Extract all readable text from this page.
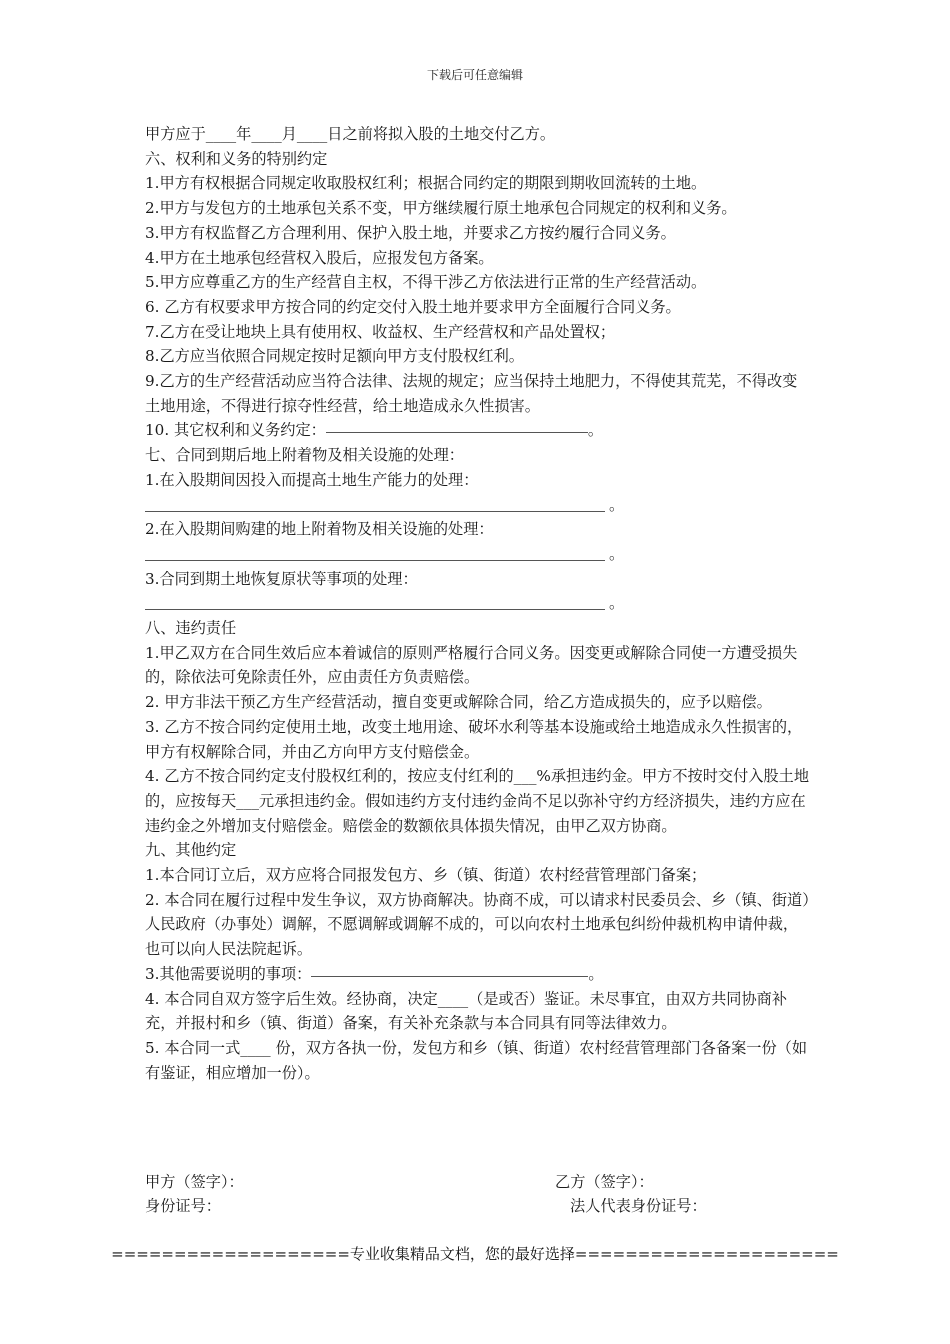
下载后可任意编辑

甲方应于____年____月____日之前将拟入股的土地交付乙方。

六、权利和义务的特别约定

1.甲方有权根据合同规定收取股权红利；根据合同约定的期限到期收回流转的土地。

2.甲方与发包方的土地承包关系不变，甲方继续履行原土地承包合同规定的权利和义务。

3.甲方有权监督乙方合理利用、保护入股土地，并要求乙方按约履行合同义务。

4.甲方在土地承包经营权入股后，应报发包方备案。

5.甲方应尊重乙方的生产经营自主权，不得干涉乙方依法进行正常的生产经营活动。

6. 乙方有权要求甲方按合同的约定交付入股土地并要求甲方全面履行合同义务。

7.乙方在受让地块上具有使用权、收益权、生产经营权和产品处置权；

8.乙方应当依照合同规定按时足额向甲方支付股权红利。

9.乙方的生产经营活动应当符合法律、法规的规定；应当保持土地肥力，不得使其荒芜，不得改变土地用途，不得进行掠夺性经营，给土地造成永久性损害。

10. 其它权利和义务约定：	。

七、合同到期后地上附着物及相关设施的处理：

1.在入股期间因投入而提高土地生产能力的处理：

。

2.在入股期间购建的地上附着物及相关设施的处理：

。

3.合同到期土地恢复原状等事项的处理：

。

八、违约责任

1.甲乙双方在合同生效后应本着诚信的原则严格履行合同义务。因变更或解除合同使一方遭受损失的，除依法可免除责任外，应由责任方负责赔偿。

2. 甲方非法干预乙方生产经营活动，擅自变更或解除合同，给乙方造成损失的，应予以赔偿。

3. 乙方不按合同约定使用土地，改变土地用途、破坏水利等基本设施或给土地造成永久性损害的，甲方有权解除合同，并由乙方向甲方支付赔偿金。

4. 乙方不按合同约定支付股权红利的，按应支付红利的___%承担违约金。甲方不按时交付入股土地的，应按每天___元承担违约金。假如违约方支付违约金尚不足以弥补守约方经济损失，违约方应在违约金之外增加支付赔偿金。赔偿金的数额依具体损失情况，由甲乙双方协商。

九、其他约定

1.本合同订立后，双方应将合同报发包方、乡（镇、街道）农村经营管理部门备案；

2. 本合同在履行过程中发生争议，双方协商解决。协商不成，可以请求村民委员会、乡（镇、街道）人民政府（办事处）调解，不愿调解或调解不成的，可以向农村土地承包纠纷仲裁机构申请仲裁，也可以向人民法院起诉。

3.其他需要说明的事项：	。

4. 本合同自双方签字后生效。经协商，决定____（是或否）鉴证。未尽事宜，由双方共同协商补充，并报村和乡（镇、街道）备案，有关补充条款与本合同具有同等法律效力。

5. 本合同一式____ 份，双方各执一份，发包方和乡（镇、街道）农村经营管理部门各备案一份（如有鉴证，相应增加一份）。

甲方（签字）：	乙方（签字）：
身份证号：	法人代表身份证号：
===================专业收集精品文档，您的最好选择=====================
